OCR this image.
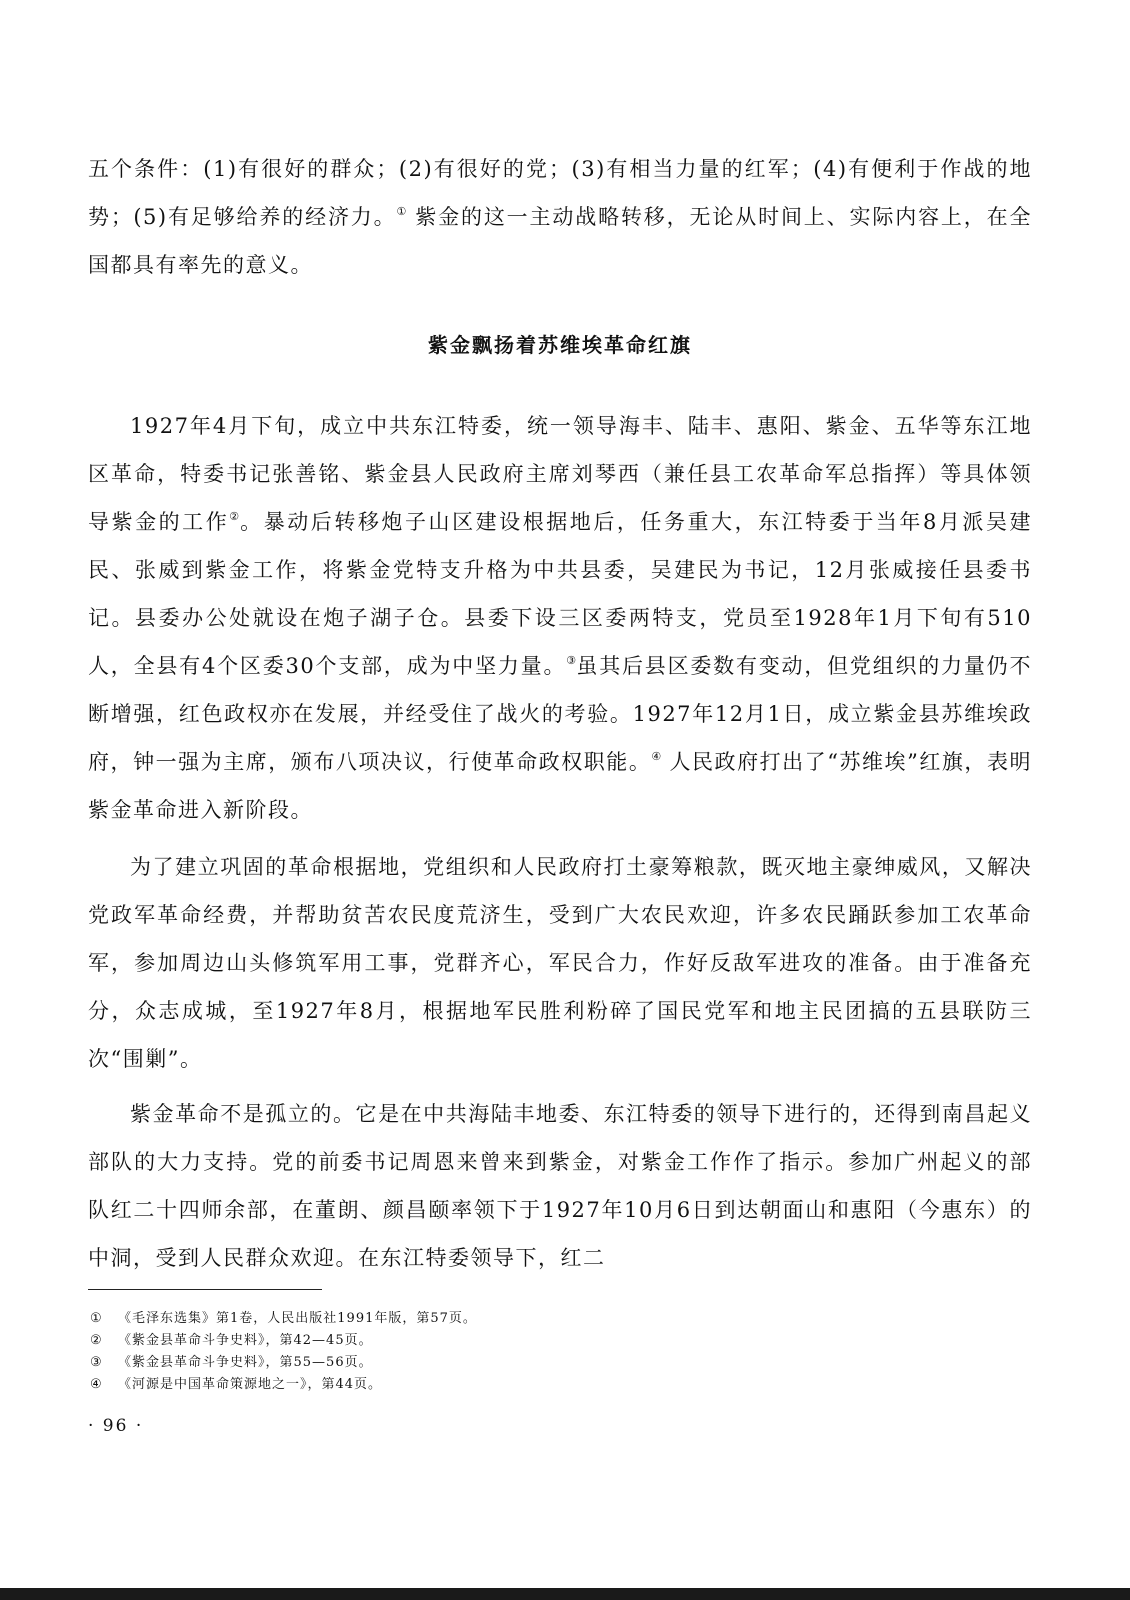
五个条件：(1)有很好的群众；(2)有很好的党；(3)有相当力量的红军；(4)有便利于作战的地势；(5)有足够给养的经济力。① 紫金的这一主动战略转移，无论从时间上、实际内容上，在全国都具有率先的意义。

紫金飘扬着苏维埃革命红旗

1927年4月下旬，成立中共东江特委，统一领导海丰、陆丰、惠阳、紫金、五华等东江地区革命，特委书记张善铭、紫金县人民政府主席刘琴西（兼任县工农革命军总指挥）等具体领导紫金的工作②。暴动后转移炮子山区建设根据地后，任务重大，东江特委于当年8月派吴建民、张威到紫金工作，将紫金党特支升格为中共县委，吴建民为书记，12月张威接任县委书记。县委办公处就设在炮子湖子仓。县委下设三区委两特支，党员至1928年1月下旬有510人，全县有4个区委30个支部，成为中坚力量。③虽其后县区委数有变动，但党组织的力量仍不断增强，红色政权亦在发展，并经受住了战火的考验。1927年12月1日，成立紫金县苏维埃政府，钟一强为主席，颁布八项决议，行使革命政权职能。④ 人民政府打出了“苏维埃”红旗，表明紫金革命进入新阶段。

为了建立巩固的革命根据地，党组织和人民政府打土豪筹粮款，既灭地主豪绅威风，又解决党政军革命经费，并帮助贫苦农民度荒济生，受到广大农民欢迎，许多农民踊跃参加工农革命军，参加周边山头修筑军用工事，党群齐心，军民合力，作好反敌军进攻的准备。由于准备充分，众志成城，至1927年8月，根据地军民胜利粉碎了国民党军和地主民团搞的五县联防三次“围剿”。

紫金革命不是孤立的。它是在中共海陆丰地委、东江特委的领导下进行的，还得到南昌起义部队的大力支持。党的前委书记周恩来曾来到紫金，对紫金工作作了指示。参加广州起义的部队红二十四师余部，在董朗、颜昌颐率领下于1927年10月6日到达朝面山和惠阳（今惠东）的中洞，受到人民群众欢迎。在东江特委领导下，红二

①	《毛泽东选集》第1卷，人民出版社1991年版，第57页。
②	《紫金县革命斗争史料》，第42—45页。
③	《紫金县革命斗争史料》，第55—56页。
④	《河源是中国革命策源地之一》，第44页。
· 96 ·
